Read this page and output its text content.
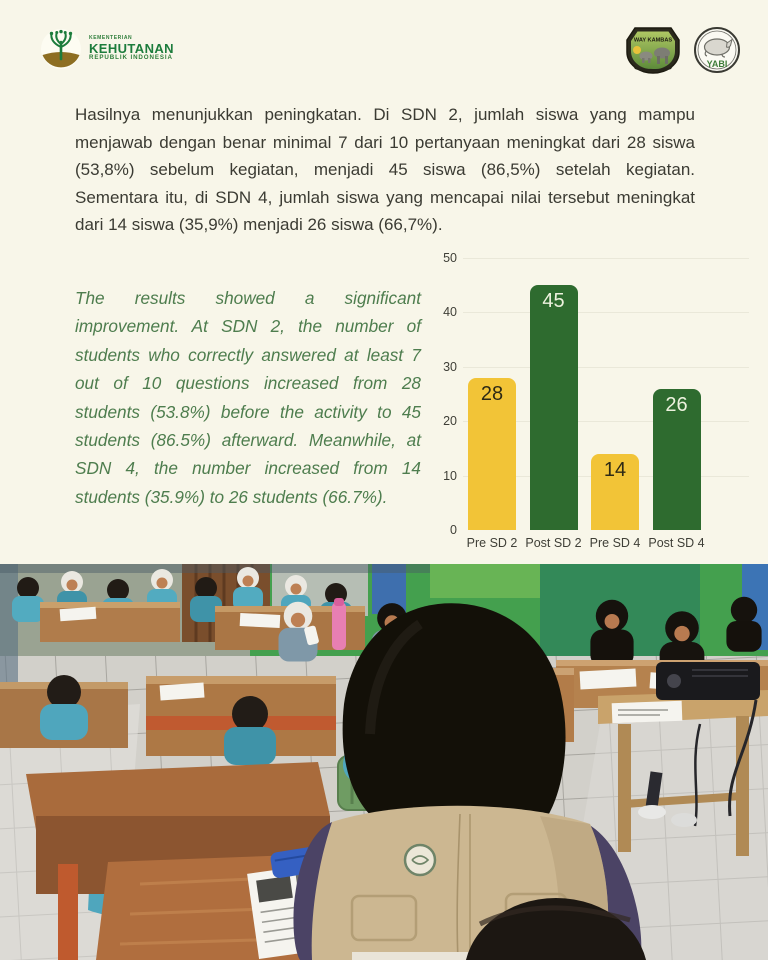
KEMENTERIAN
KEHUTANAN
REPUBLIK INDONESIA
WAY KAMBAS
YABI

Hasilnya menunjukkan peningkatan. Di SDN 2, jumlah siswa yang mampu menjawab dengan benar minimal 7 dari 10 pertanyaan meningkat dari 28 siswa (53,8%) sebelum kegiatan, menjadi 45 siswa (86,5%) setelah kegiatan. Sementara itu, di SDN 4, jumlah siswa yang mencapai nilai tersebut meningkat dari 14 siswa (35,9%) menjadi 26 siswa (66,7%).

The results showed a significant improvement. At SDN 2, the number of students who correctly answered at least 7 out of 10 questions increased from 28 students (53.8%) before the activity to 45 students (86.5%) afterward. Meanwhile, at SDN 4, the number increased from 14 students (35.9%) to 26 students (66.7%).

0
10
20
30
40
50
28
Pre SD 2
45
Post SD 2
14
Pre SD 4
26
Post SD 4
